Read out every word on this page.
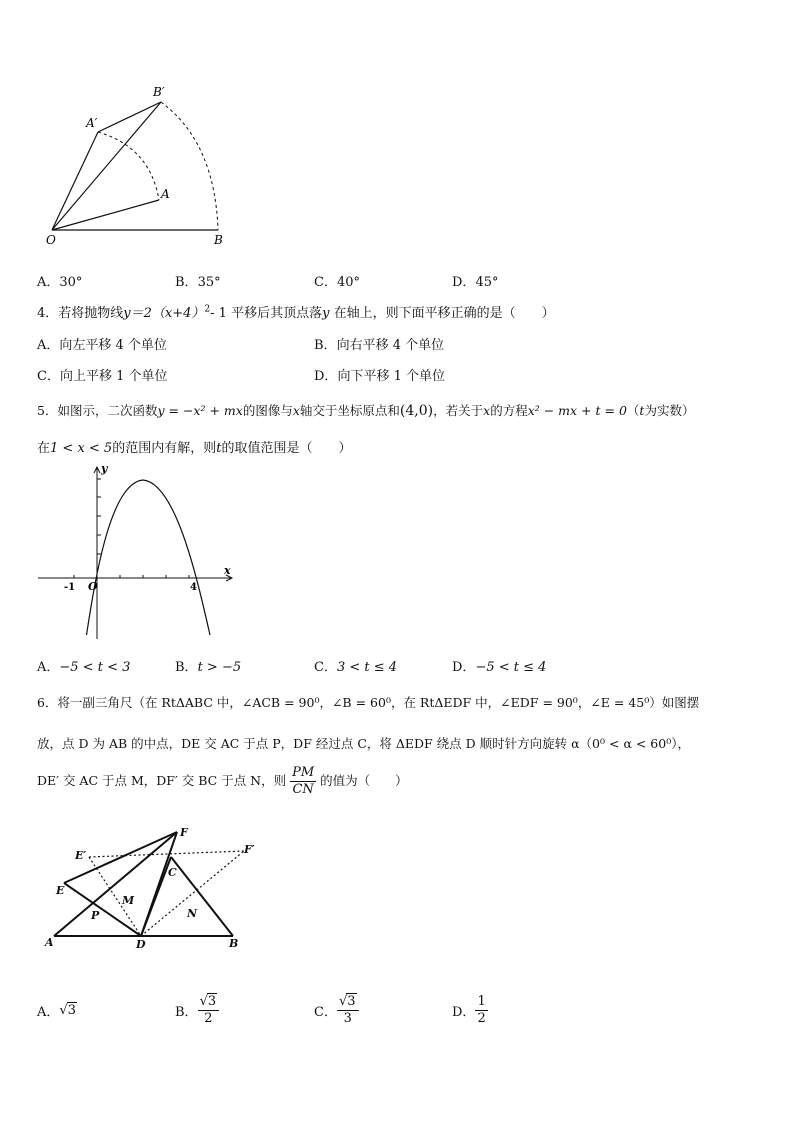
O	B
A
A′
B′
A．30°	B．35°	C．40°	D．45°
4．若将抛物线$y=2(x+4)^2-$ 1 平移后其顶点落y 在轴上，则下面平移正确的是（　　）
A．向左平移 4 个单位	B．向右平移 4 个单位
C．向上平移 1 个单位	D．向下平移 1 个单位
5．如图示，二次函数y = −x² + mx的图像与x轴交于坐标原点和(4,0)，若关于x的方程x² − mx + t = 0（t为实数）
在1 < x < 5的范围内有解，则t的取值范围是（　　）
y
x
O
-1	4
A．−5 < t < 3	B．t > −5	C．3 < t ≤ 4	D．−5 < t ≤ 4
6．将一副三角尺（在 RtΔABC 中，∠ACB = 90⁰，∠B = 60⁰，在 RtΔEDF 中，∠EDF = 90⁰，∠E = 45⁰）如图摆
放，点 D 为 AB 的中点，DE 交 AC 于点 P，DF 经过点 C，将 ΔEDF 绕点 D 顺时针方向旋转 α（0⁰ < α < 60⁰），
DE′ 交 AC 于点 M，DF′ 交 BC 于点 N，则 $\frac{PM}{CN}$ 的值为（　　）
A	D	B
E
E′
F
F′
C
M
N
P
A． √ 3	B． $\frac{√3}{2}$	C． $\frac{√3}{3}$	D． $\frac{1}{2}$
